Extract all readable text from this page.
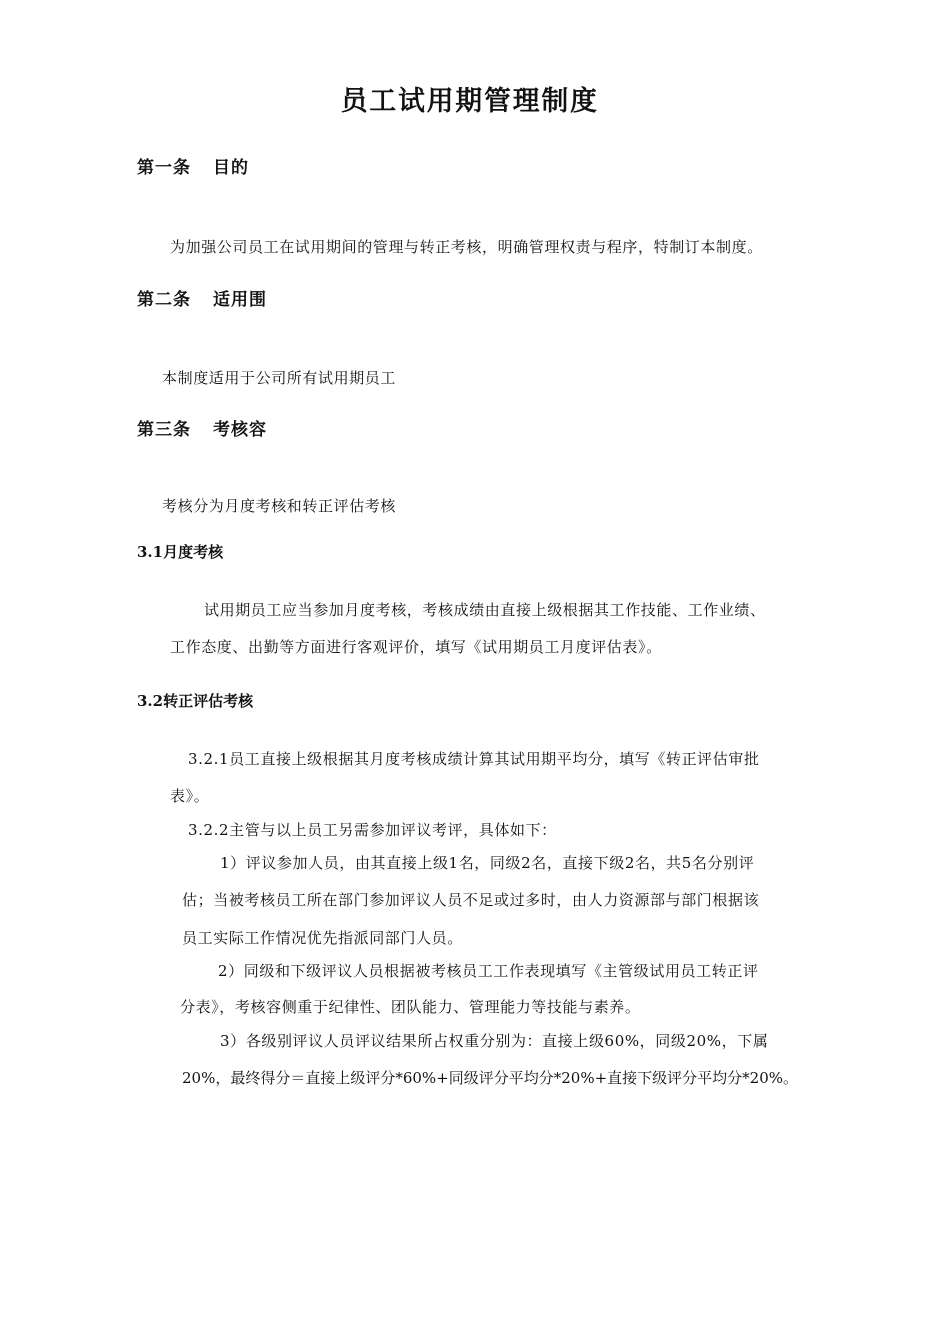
员工试用期管理制度
第一条 目的

为加强公司员工在试用期间的管理与转正考核，明确管理权责与程序，特制订本制度。

第二条 适用围

本制度适用于公司所有试用期员工

第三条 考核容

考核分为月度考核和转正评估考核

3.1月度考核

试用期员工应当参加月度考核，考核成绩由直接上级根据其工作技能、工作业绩、

工作态度、出勤等方面进行客观评价，填写《试用期员工月度评估表》。

3.2转正评估考核

3.2.1员工直接上级根据其月度考核成绩计算其试用期平均分，填写《转正评估审批

表》。

3.2.2主管与以上员工另需参加评议考评，具体如下：

1）评议参加人员，由其直接上级1名，同级2名，直接下级2名，共5名分别评

估；当被考核员工所在部门参加评议人员不足或过多时，由人力资源部与部门根据该

员工实际工作情况优先指派同部门人员。

2）同级和下级评议人员根据被考核员工工作表现填写《主管级试用员工转正评

分表》，考核容侧重于纪律性、团队能力、管理能力等技能与素养。

3）各级别评议人员评议结果所占权重分别为：直接上级60%，同级20%，下属

20%，最终得分＝直接上级评分*60%+同级评分平均分*20%+直接下级评分平均分*20%。
